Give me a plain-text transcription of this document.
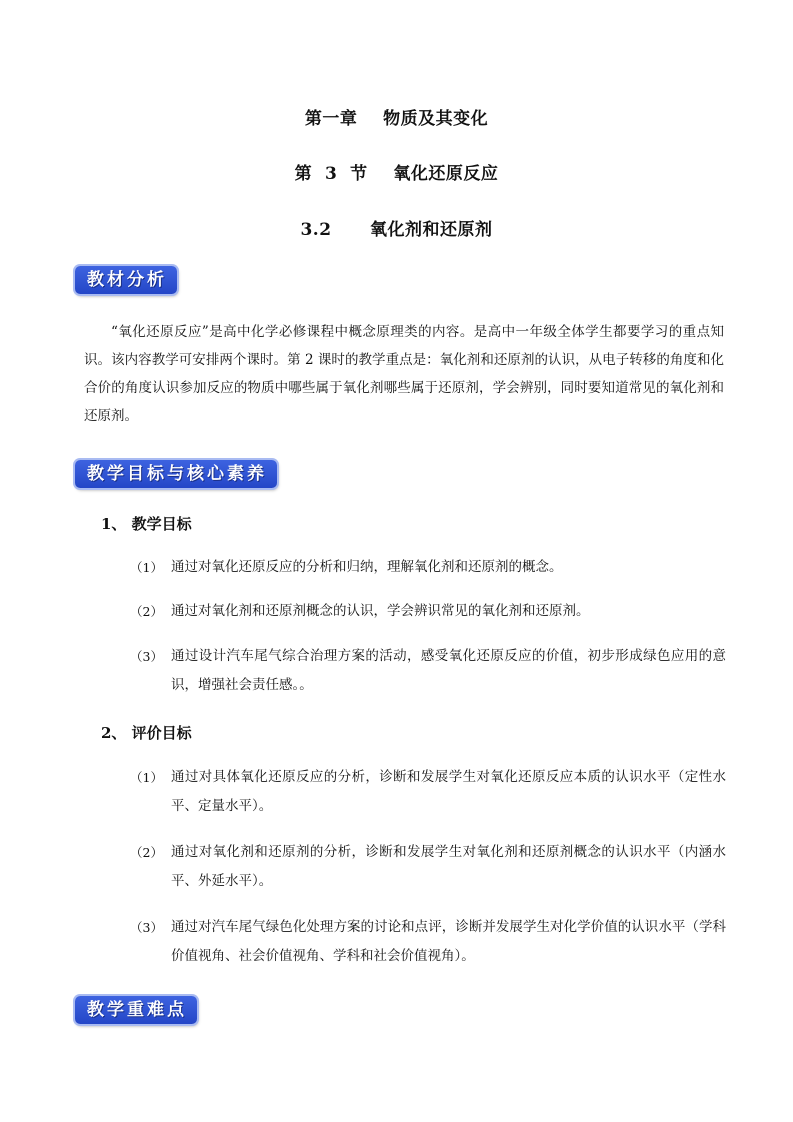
第一章    物质及其变化
第  3  节    氧化还原反应
3.2      氧化剂和还原剂
教材分析

“氧化还原反应”是高中化学必修课程中概念原理类的内容。是高中一年级全体学生都要学习的重点知识。该内容教学可安排两个课时。第 2 课时的教学重点是：氧化剂和还原剂的认识，从电子转移的角度和化合价的角度认识参加反应的物质中哪些属于氧化剂哪些属于还原剂，学会辨别，同时要知道常见的氧化剂和还原剂。

教学目标与核心素养
1、 教学目标
（1） 通过对氧化还原反应的分析和归纳，理解氧化剂和还原剂的概念。
（2） 通过对氧化剂和还原剂概念的认识，学会辨识常见的氧化剂和还原剂。
（3） 通过设计汽车尾气综合治理方案的活动，感受氧化还原反应的价值，初步形成绿色应用的意识，增强社会责任感。。
2、 评价目标
（1） 通过对具体氧化还原反应的分析，诊断和发展学生对氧化还原反应本质的认识水平（定性水平、定量水平）。
（2） 通过对氧化剂和还原剂的分析，诊断和发展学生对氧化剂和还原剂概念的认识水平（内涵水平、外延水平）。
（3） 通过对汽车尾气绿色化处理方案的讨论和点评，诊断并发展学生对化学价值的认识水平（学科价值视角、社会价值视角、学科和社会价值视角）。
教学重难点
